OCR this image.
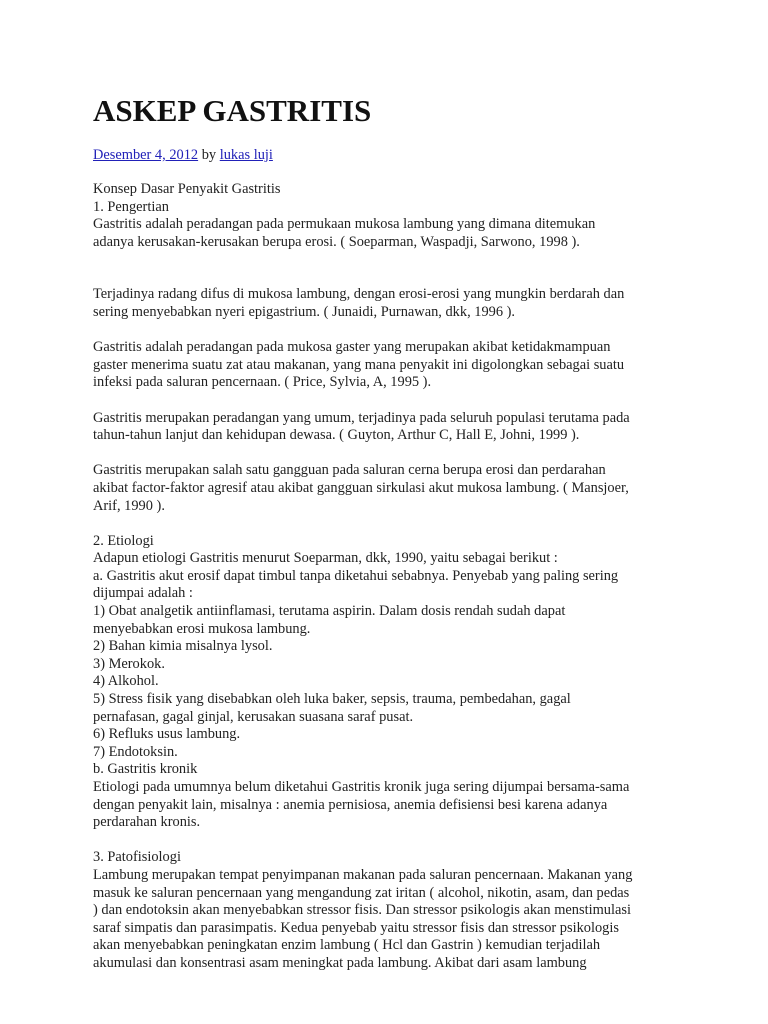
ASKEP GASTRITIS
Desember 4, 2012 by lukas luji
Konsep Dasar Penyakit Gastritis
1. Pengertian
Gastritis adalah peradangan pada permukaan mukosa lambung yang dimana ditemukan
adanya kerusakan-kerusakan berupa erosi. ( Soeparman, Waspadji, Sarwono, 1998 ).
Terjadinya radang difus di mukosa lambung, dengan erosi-erosi yang mungkin berdarah dan
sering menyebabkan nyeri epigastrium. ( Junaidi, Purnawan, dkk, 1996 ).
Gastritis adalah peradangan pada mukosa gaster yang merupakan akibat ketidakmampuan
gaster menerima suatu zat atau makanan, yang mana penyakit ini digolongkan sebagai suatu
infeksi pada saluran pencernaan. ( Price, Sylvia, A, 1995 ).
Gastritis merupakan peradangan yang umum, terjadinya pada seluruh populasi terutama pada
tahun-tahun lanjut dan kehidupan dewasa. ( Guyton, Arthur C, Hall E, Johni, 1999 ).
Gastritis merupakan salah satu gangguan pada saluran cerna berupa erosi dan perdarahan
akibat factor-faktor agresif atau akibat gangguan sirkulasi akut mukosa lambung. ( Mansjoer,
Arif, 1990 ).
2. Etiologi
Adapun etiologi Gastritis menurut Soeparman, dkk, 1990, yaitu sebagai berikut :
a. Gastritis akut erosif dapat timbul tanpa diketahui sebabnya. Penyebab yang paling sering
dijumpai adalah :
1) Obat analgetik antiinflamasi, terutama aspirin. Dalam dosis rendah sudah dapat
menyebabkan erosi mukosa lambung.
2) Bahan kimia misalnya lysol.
3) Merokok.
4) Alkohol.
5) Stress fisik yang disebabkan oleh luka baker, sepsis, trauma, pembedahan, gagal
pernafasan, gagal ginjal, kerusakan suasana saraf pusat.
6) Refluks usus lambung.
7) Endotoksin.
b. Gastritis kronik
Etiologi pada umumnya belum diketahui Gastritis kronik juga sering dijumpai bersama-sama
dengan penyakit lain, misalnya : anemia pernisiosa, anemia defisiensi besi karena adanya
perdarahan kronis.
3. Patofisiologi
Lambung merupakan tempat penyimpanan makanan pada saluran pencernaan. Makanan yang
masuk ke saluran pencernaan yang mengandung zat iritan ( alcohol, nikotin, asam, dan pedas
) dan endotoksin akan menyebabkan stressor fisis. Dan stressor psikologis akan menstimulasi
saraf simpatis dan parasimpatis. Kedua penyebab yaitu stressor fisis dan stressor psikologis
akan menyebabkan peningkatan enzim lambung ( Hcl dan Gastrin ) kemudian terjadilah
akumulasi dan konsentrasi asam meningkat pada lambung. Akibat dari asam lambung
